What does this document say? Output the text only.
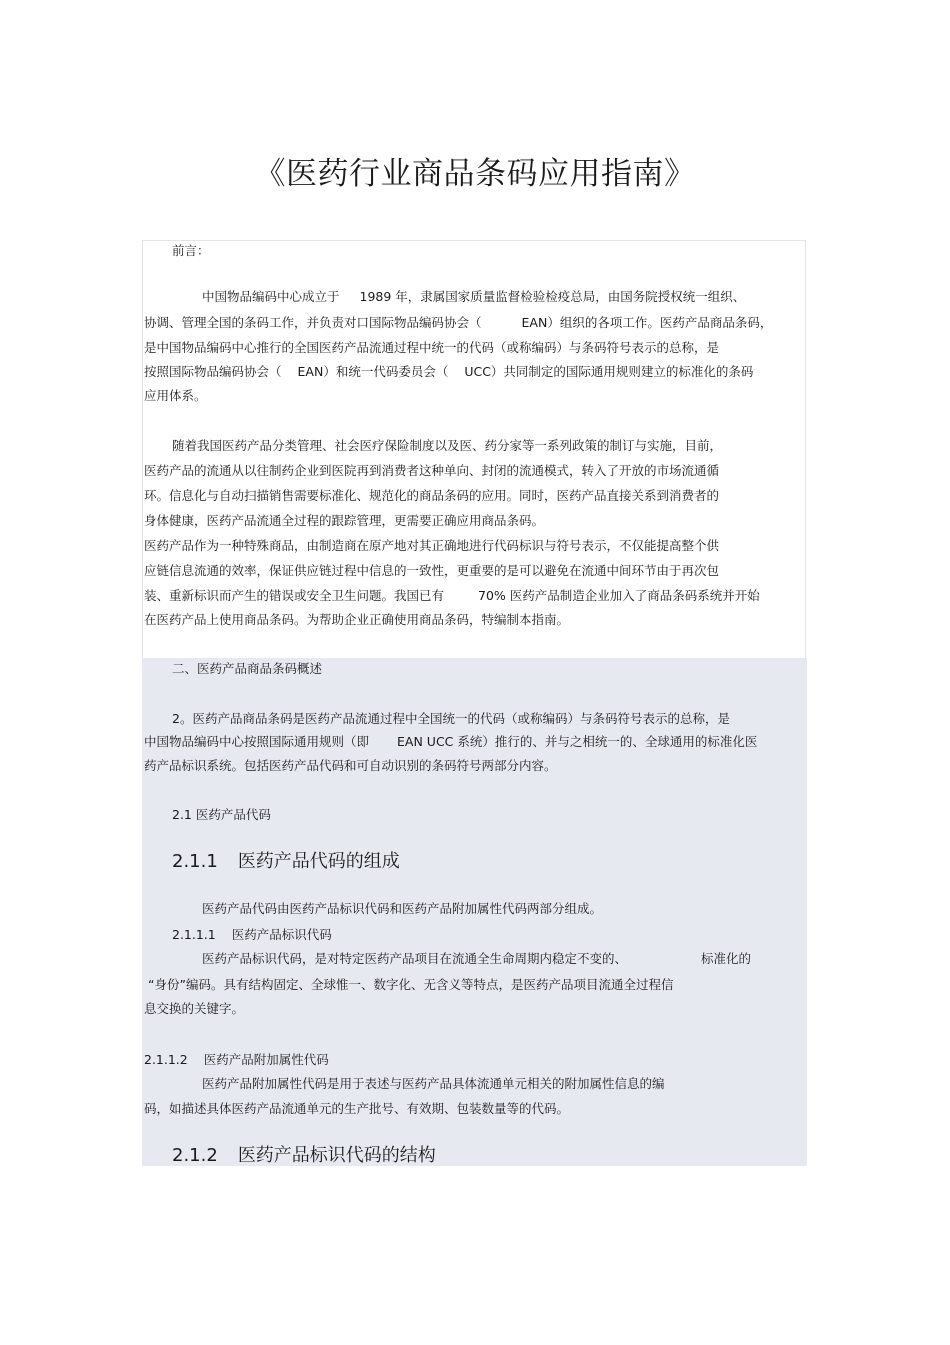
《医药行业商品条码应用指南》
前言：
中国物品编码中心成立于 1989 年，隶属国家质量监督检验检疫总局，由国务院授权统一组织、
协调、管理全国的条码工作，并负责对口国际物品编码协会（	EAN）组织的各项工作。医药产品商品条码，
是中国物品编码中心推行的全国医药产品流通过程中统一的代码（或称编码）与条码符号表示的总称，是
按照国际物品编码协会（ EAN）和统一代码委员会（ UCC）共同制定的国际通用规则建立的标准化的条码
应用体系。
随着我国医药产品分类管理、社会医疗保险制度以及医、药分家等一系列政策的制订与实施，目前，
医药产品的流通从以往制药企业到医院再到消费者这种单向、封闭的流通模式，转入了开放的市场流通循
环。信息化与自动扫描销售需要标准化、规范化的商品条码的应用。同时，医药产品直接关系到消费者的
身体健康，医药产品流通全过程的跟踪管理，更需要正确应用商品条码。
医药产品作为一种特殊商品，由制造商在原产地对其正确地进行代码标识与符号表示，不仅能提高整个供
应链信息流通的效率，保证供应链过程中信息的一致性，更重要的是可以避免在流通中间环节由于再次包
装、重新标识而产生的错误或安全卫生问题。我国已有	70% 医药产品制造企业加入了商品条码系统并开始
在医药产品上使用商品条码。为帮助企业正确使用商品条码，特编制本指南。
二、医药产品商品条码概述
2。医药产品商品条码是医药产品流通过程中全国统一的代码（或称编码）与条码符号表示的总称，是
中国物品编码中心按照国际通用规则（即 EAN UCC 系统）推行的、并与之相统一的、全球通用的标准化医
药产品标识系统。包括医药产品代码和可自动识别的条码符号两部分内容。
2.1 医药产品代码
2.1.1 医药产品代码的组成
医药产品代码由医药产品标识代码和医药产品附加属性代码两部分组成。
2.1.1.1 医药产品标识代码
医药产品标识代码，是对特定医药产品项目在流通全生命周期内稳定不变的、	标准化的
“身份”编码。具有结构固定、全球惟一、数字化、无含义等特点，是医药产品项目流通全过程信
息交换的关键字。
2.1.1.2 医药产品附加属性代码
医药产品附加属性代码是用于表述与医药产品具体流通单元相关的附加属性信息的编
码，如描述具体医药产品流通单元的生产批号、有效期、包装数量等的代码。
2.1.2 医药产品标识代码的结构
